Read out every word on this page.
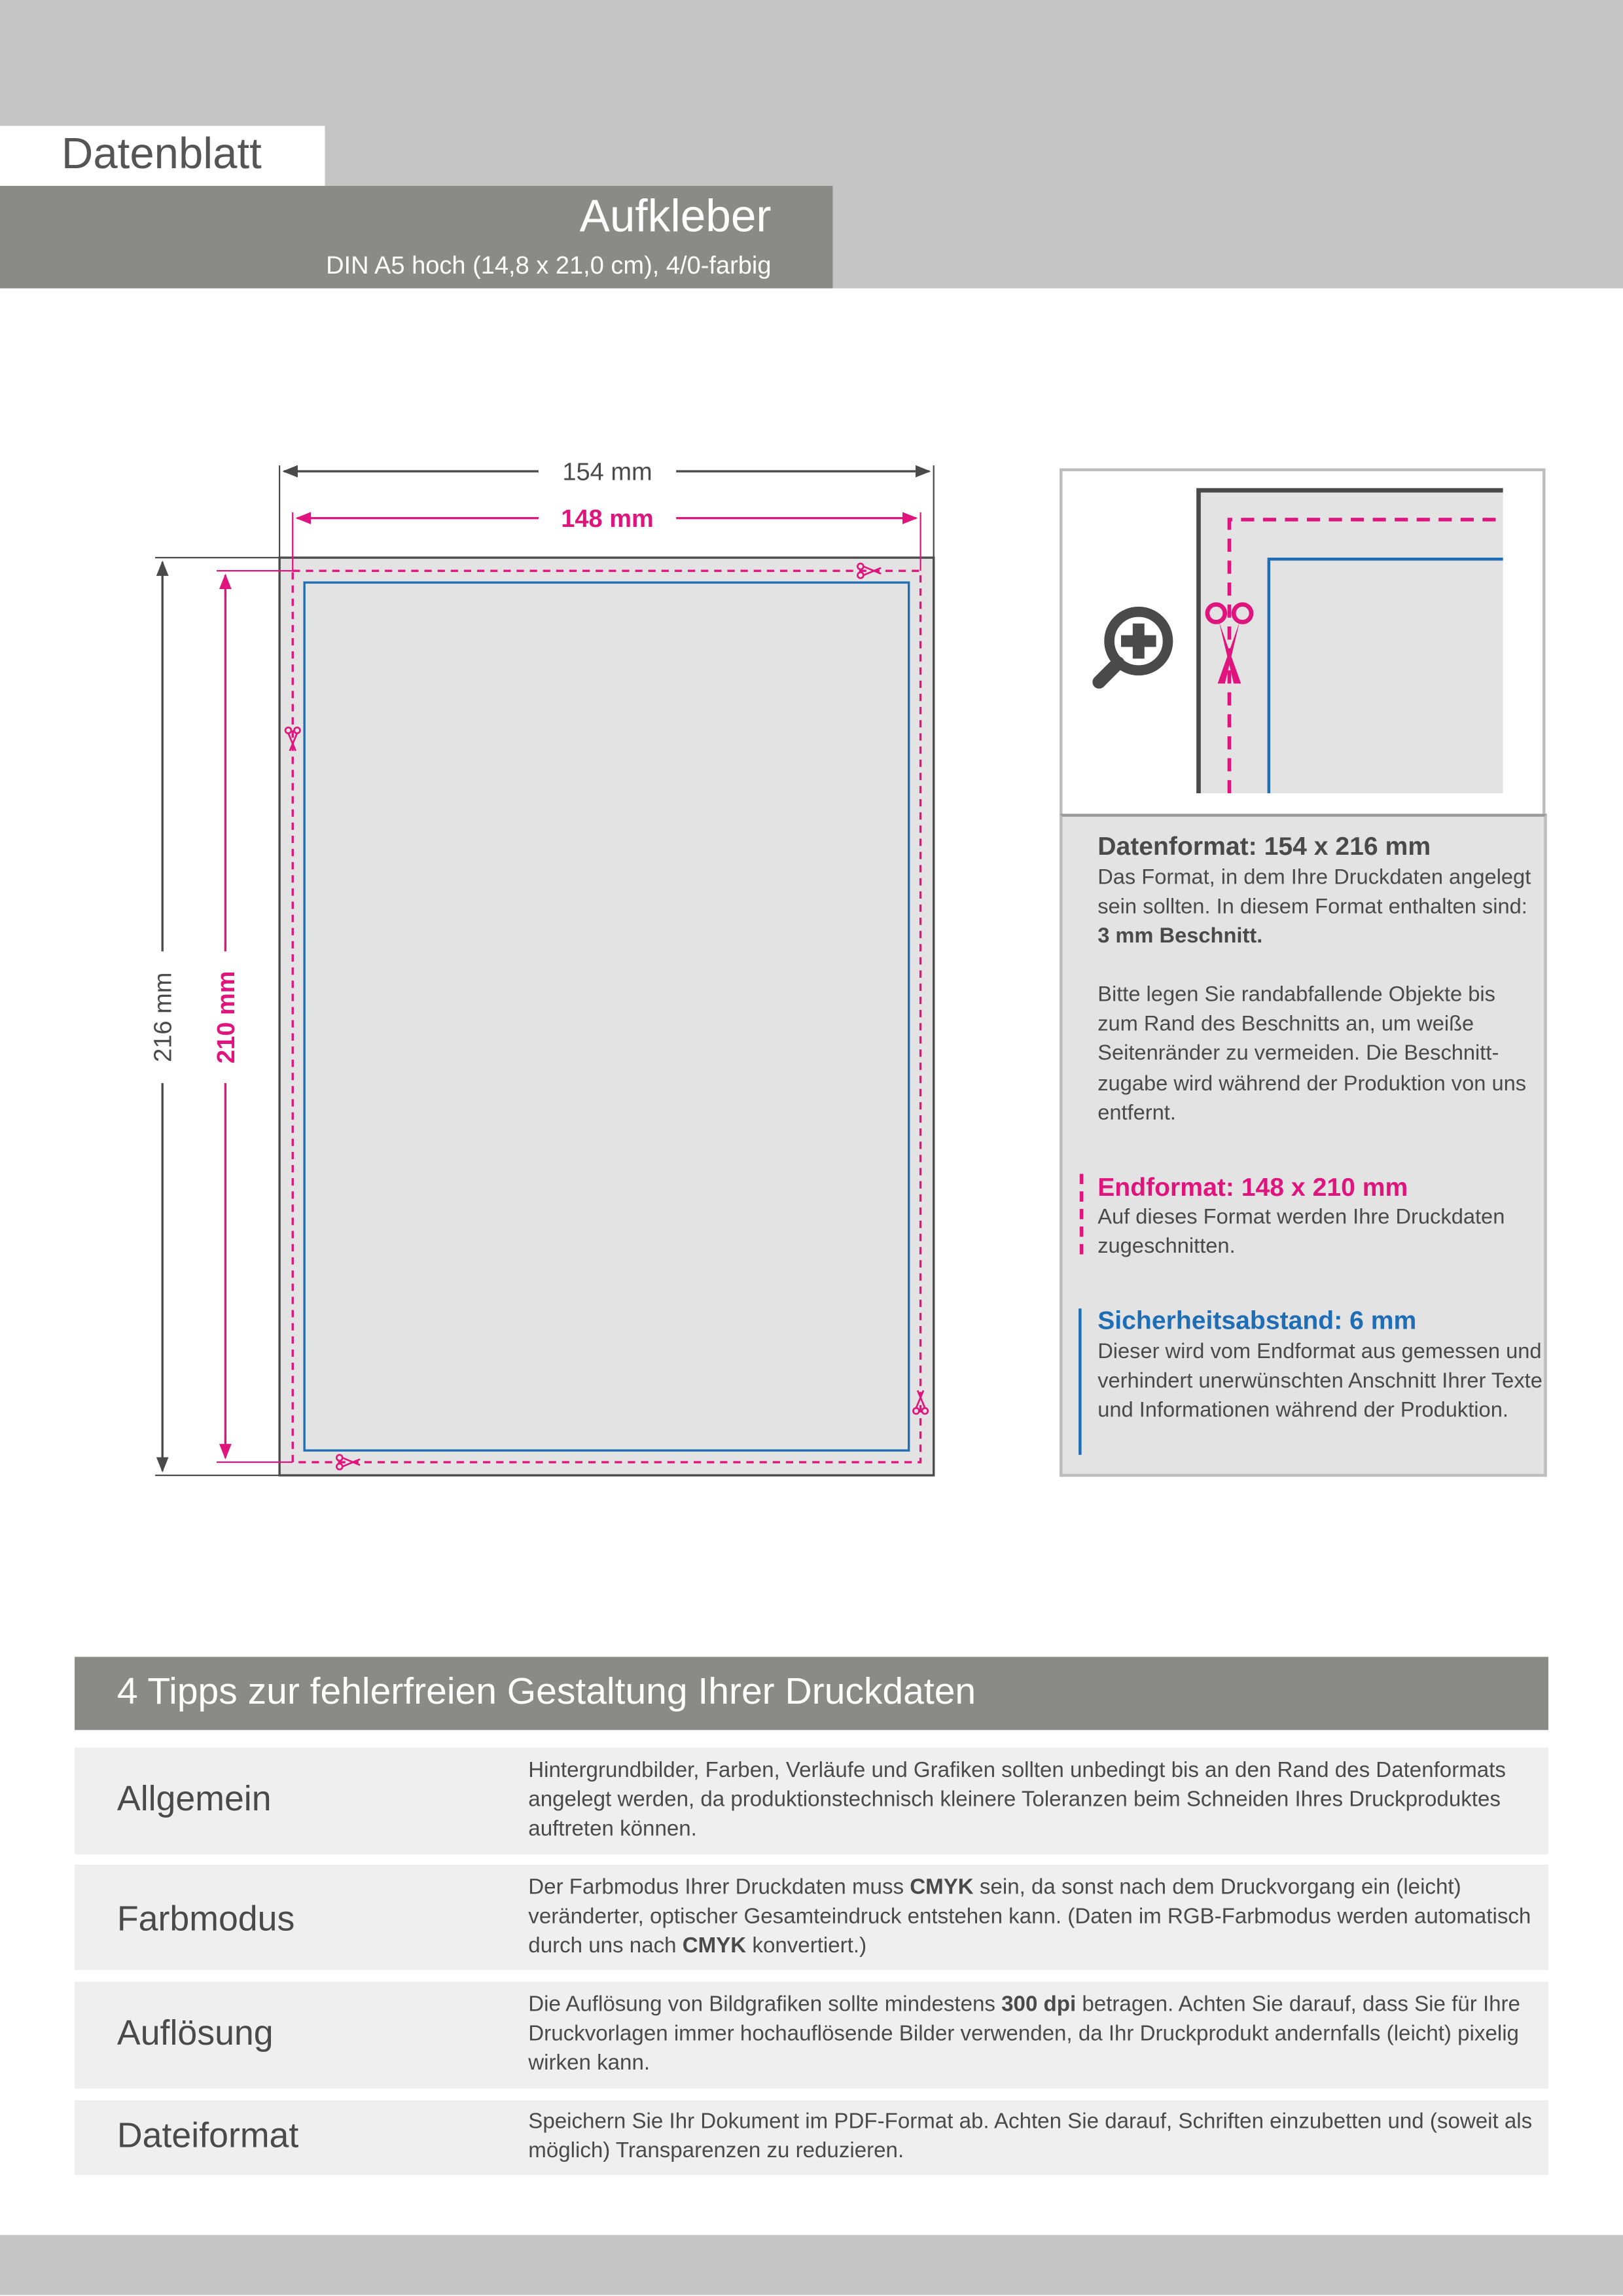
Datenblatt
Aufkleber
DIN A5 hoch (14,8 x 21,0 cm), 4/0-farbig
154 mm
148 mm
216 mm	210 mm
Datenformat: 154 x 216 mm
Das Format, in dem Ihre Druckdaten angelegt sein sollten. In diesem Format enthalten sind: 3 mm Beschnitt.
Bitte legen Sie randabfallende Objekte bis zum Rand des Beschnitts an, um weiße Seitenränder zu vermeiden. Die Beschnitt-zugabe wird während der Produktion von uns entfernt.
Endformat: 148 x 210 mm
Auf dieses Format werden Ihre Druckdaten zugeschnitten.
Sicherheitsabstand: 6 mm
Dieser wird vom Endformat aus gemessen und verhindert unerwünschten Anschnitt Ihrer Texte und Informationen während der Produktion.
4 Tipps zur fehlerfreien Gestaltung Ihrer Druckdaten
Allgemein
Hintergrundbilder, Farben, Verläufe und Grafiken sollten unbedingt bis an den Rand des Datenformats angelegt werden, da produktionstechnisch kleinere Toleranzen beim Schneiden Ihres Druckproduktes auftreten können.
Farbmodus
Der Farbmodus Ihrer Druckdaten muss CMYK sein, da sonst nach dem Druckvorgang ein (leicht) veränderter, optischer Gesamteindruck entstehen kann. (Daten im RGB-Farbmodus werden automatisch durch uns nach CMYK konvertiert.)
Auflösung
Die Auflösung von Bildgrafiken sollte mindestens 300 dpi betragen. Achten Sie darauf, dass Sie für Ihre Druckvorlagen immer hochauflösende Bilder verwenden, da Ihr Druckprodukt andernfalls (leicht) pixelig wirken kann.
Dateiformat	Speichern Sie Ihr Dokument im PDF-Format ab. Achten Sie darauf, Schriften einzubetten und (soweit als möglich) Transparenzen zu reduzieren.
